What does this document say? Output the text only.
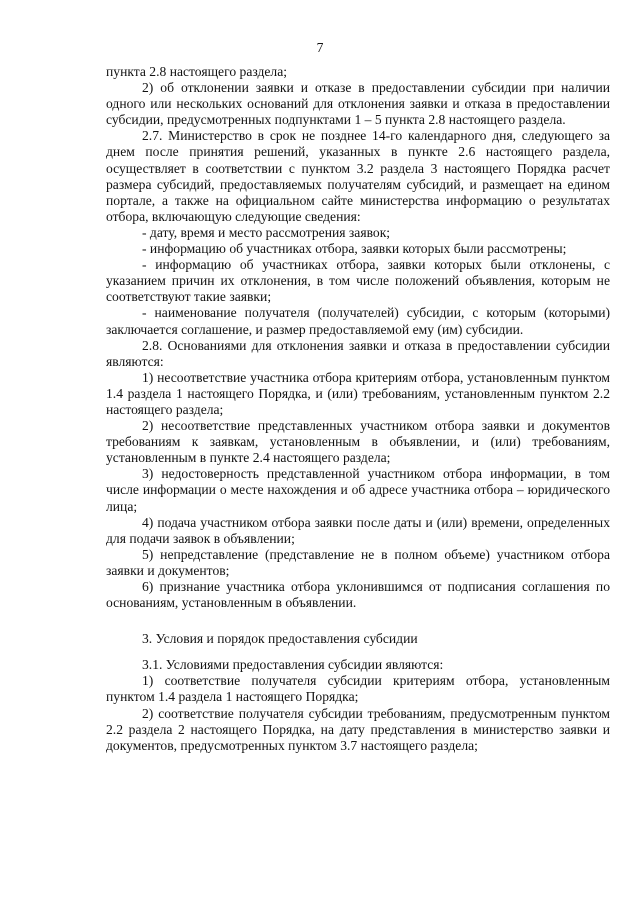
7

пункта 2.8 настоящего раздела;

2) об отклонении заявки и отказе в предоставлении субсидии при наличии одного или нескольких оснований для отклонения заявки и отказа в предоставлении субсидии, предусмотренных подпунктами 1 – 5 пункта 2.8 настоящего раздела.

2.7. Министерство в срок не позднее 14-го календарного дня, следующего за днем после принятия решений, указанных в пункте 2.6 настоящего раздела, осуществляет в соответствии с пунктом 3.2 раздела 3 настоящего Порядка расчет размера субсидий, предоставляемых получателям субсидий, и размещает на едином портале, а также на официальном сайте министерства информацию о результатах отбора, включающую следующие сведения:

- дату, время и место рассмотрения заявок;

- информацию об участниках отбора, заявки которых были рассмотрены;

- информацию об участниках отбора, заявки которых были отклонены, с указанием причин их отклонения, в том числе положений объявления, которым не соответствуют такие заявки;

- наименование получателя (получателей) субсидии, с которым (которыми) заключается соглашение, и размер предоставляемой ему (им) субсидии.

2.8. Основаниями для отклонения заявки и отказа в предоставлении субсидии являются:

1) несоответствие участника отбора критериям отбора, установленным пунктом 1.4 раздела 1 настоящего Порядка, и (или) требованиям, установленным пунктом 2.2 настоящего раздела;

2) несоответствие представленных участником отбора заявки и документов требованиям к заявкам, установленным в объявлении, и (или) требованиям, установленным в пункте 2.4 настоящего раздела;

3) недостоверность представленной участником отбора информации, в том числе информации о месте нахождения и об адресе участника отбора – юридического лица;

4) подача участником отбора заявки после даты и (или) времени, определенных для подачи заявок в объявлении;

5) непредставление (представление не в полном объеме) участником отбора заявки и документов;

6) признание участника отбора уклонившимся от подписания соглашения по основаниям, установленным в объявлении.

3. Условия и порядок предоставления субсидии

3.1. Условиями предоставления субсидии являются:

1) соответствие получателя субсидии критериям отбора, установленным пунктом 1.4 раздела 1 настоящего Порядка;

2) соответствие получателя субсидии требованиям, предусмотренным пунктом 2.2 раздела 2 настоящего Порядка, на дату представления в министерство заявки и документов, предусмотренных пунктом 3.7 настоящего раздела;
